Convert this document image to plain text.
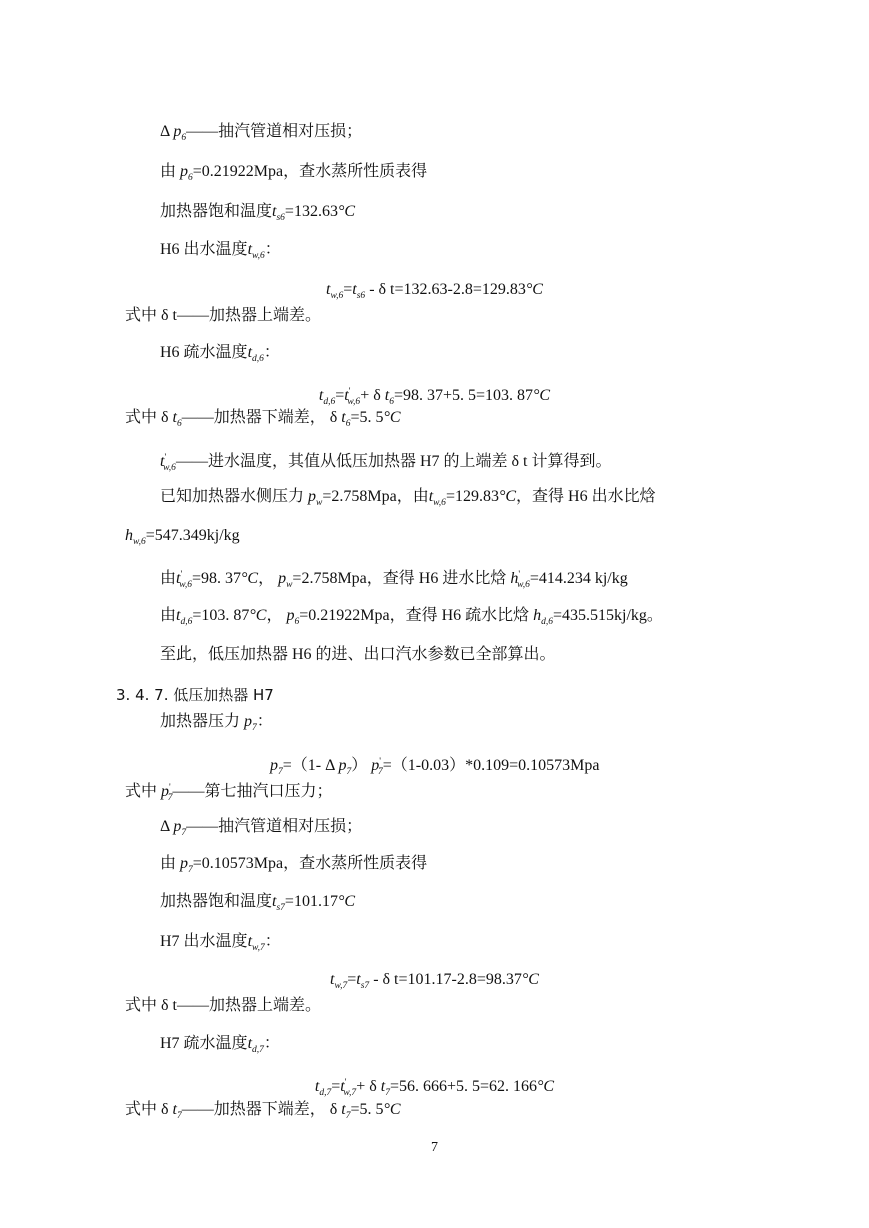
Δ $p_6——$抽汽管道相对压损；
由 $p_6=0.21922Mpa$，查水蒸所性质表得
加热器饱和温度$t_{s6}=132.63^\circ C$
H6 出水温度$t_{w,6}$：
$t_{w,6}=t_{s6} - \delta$ t=132.63-2.8=129.83°C
式中 δ t——加热器上端差。
H6 疏水温度$t_{d,6}$：
$t_{d,6}=t'_{w,6}+ \delta$ $t_6=98$. 37+5. 5=103. 87°C
式中 δ $t_6——$加热器下端差， δ $t_6=5$. 5°C
$t'_{w,6}——$进水温度，其值从低压加热器 H7 的上端差 δ t 计算得到。
已知加热器水侧压力 $p_w=2.758Mpa$，由$t_{w,6}=129.83^\circ C$，查得 H6 出水比焓
$h_{w,6}=547.349kj/kg$
由$t'_{w,6}=98$. 37°C， $p_w=2.758Mpa$，查得 H6 进水比焓 $h'_{w,6}=414.234$ kj/kg
由$t_{d,6}=103$. 87°C， $p_6=0.21922Mpa$，查得 H6 疏水比焓 $h_{d,6}=435.515kj/kg$。
至此，低压加热器 H6 的进、出口汽水参数已全部算出。
3. 4. 7. 低压加热器 H7
加热器压力 $p_7$：
$p_7=(1-$ Δ $p_7$） $p'_7=(1-0.03)*0.109=0.10573Mpa$
式中 $p'_7——$第七抽汽口压力；
Δ $p_7——$抽汽管道相对压损；
由 $p_7=0.10573Mpa$，查水蒸所性质表得
加热器饱和温度$t_{s7}=101.17^\circ C$
H7 出水温度$t_{w,7}$：
$t_{w,7}=t_{s7} - \delta$ t=101.17-2.8=98.37°C
式中 δ t——加热器上端差。
H7 疏水温度$t_{d,7}$：
$t_{d,7}=t'_{w,7}+ \delta$ $t_7=56$. 666+5. 5=62. 166°C
式中 δ $t_7——$加热器下端差， δ $t_7=5$. 5°C
7
